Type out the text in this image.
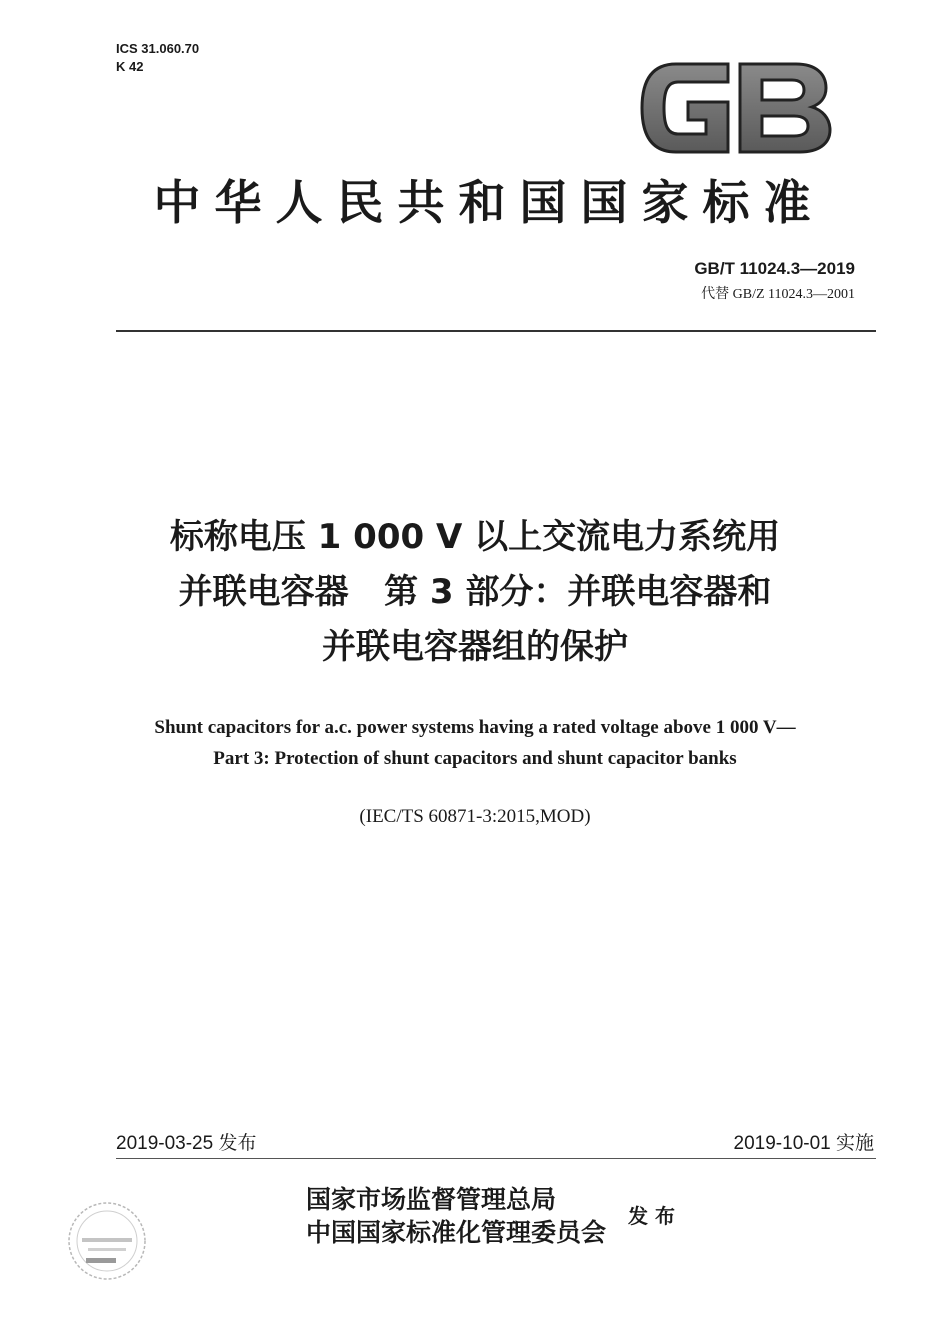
ICS 31.060.70
K 42
中华人民共和国国家标准
GB/T 11024.3—2019
代替 GB/Z 11024.3—2001
标称电压 1 000 V 以上交流电力系统用
并联电容器   第 3 部分：并联电容器和
并联电容器组的保护
Shunt capacitors for a.c. power systems having a rated voltage above 1 000 V—
Part 3: Protection of shunt capacitors and shunt capacitor banks
(IEC/TS 60871-3:2015,MOD)
2019-03-25 发布	2019-10-01 实施
国家市场监督管理总局
中国国家标准化管理委员会
发 布
